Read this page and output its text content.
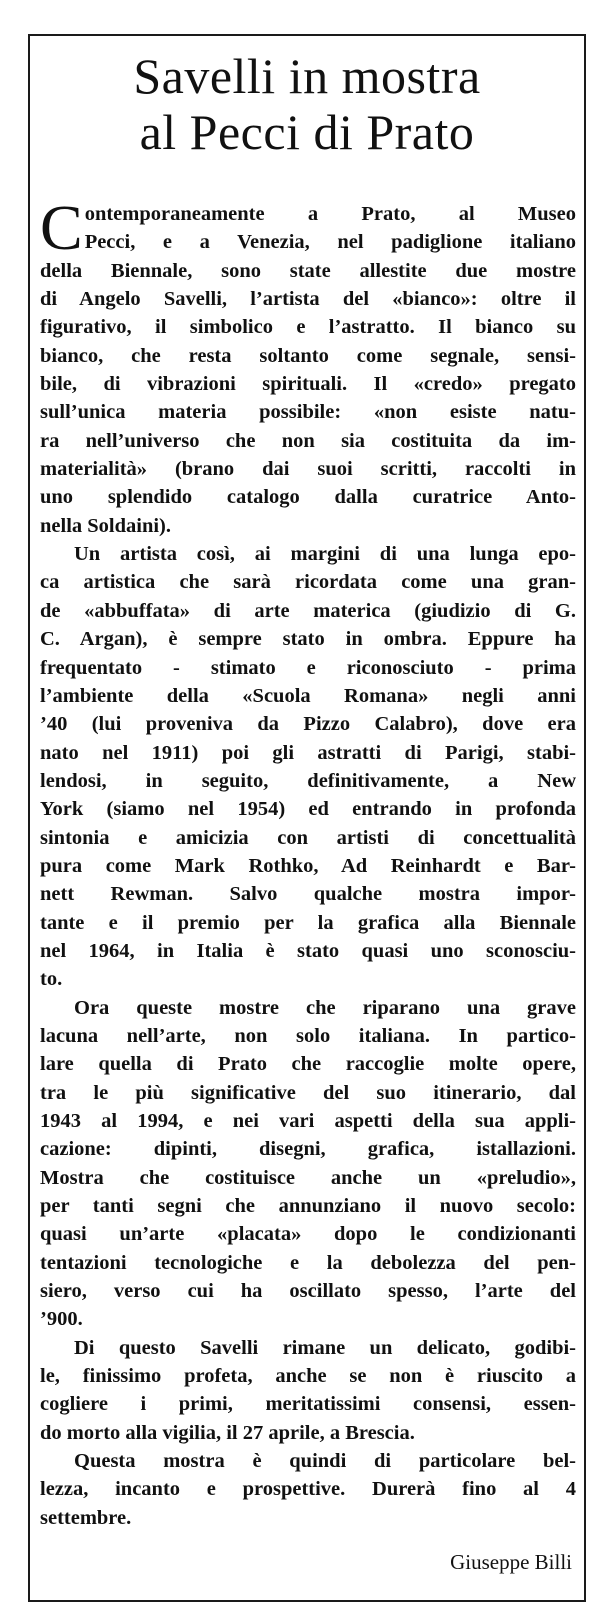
Savelli in mostra
al Pecci di Prato
C ontemporaneamente a Prato, al Museo
Pecci, e a Venezia, nel padiglione italiano
della Biennale, sono state allestite due mostre
di Angelo Savelli, l’artista del «bianco»: oltre il
figurativo, il simbolico e l’astratto. Il bianco su
bianco, che resta soltanto come segnale, sensi-
bile, di vibrazioni spirituali. Il «credo» pregato
sull’unica materia possibile: «non esiste natu-
ra nell’universo che non sia costituita da im-
materialità» (brano dai suoi scritti, raccolti in
uno splendido catalogo dalla curatrice Anto-
nella Soldaini).
Un artista così, ai margini di una lunga epo-
ca artistica che sarà ricordata come una gran-
de «abbuffata» di arte materica (giudizio di G.
C. Argan), è sempre stato in ombra. Eppure ha
frequentato - stimato e riconosciuto - prima
l’ambiente della «Scuola Romana» negli anni
’40 (lui proveniva da Pizzo Calabro), dove era
nato nel 1911) poi gli astratti di Parigi, stabi-
lendosi, in seguito, definitivamente, a New
York (siamo nel 1954) ed entrando in profonda
sintonia e amicizia con artisti di concettualità
pura come Mark Rothko, Ad Reinhardt e Bar-
nett Rewman. Salvo qualche mostra impor-
tante e il premio per la grafica alla Biennale
nel 1964, in Italia è stato quasi uno sconosciu-
to.
Ora queste mostre che riparano una grave
lacuna nell’arte, non solo italiana. In partico-
lare quella di Prato che raccoglie molte opere,
tra le più significative del suo itinerario, dal
1943 al 1994, e nei vari aspetti della sua appli-
cazione: dipinti, disegni, grafica, istallazioni.
Mostra che costituisce anche un «preludio»,
per tanti segni che annunziano il nuovo secolo:
quasi un’arte «placata» dopo le condizionanti
tentazioni tecnologiche e la debolezza del pen-
siero, verso cui ha oscillato spesso, l’arte del
’900.
Di questo Savelli rimane un delicato, godibi-
le, finissimo profeta, anche se non è riuscito a
cogliere i primi, meritatissimi consensi, essen-
do morto alla vigilia, il 27 aprile, a Brescia.
Questa mostra è quindi di particolare bel-
lezza, incanto e prospettive. Durerà fino al 4
settembre.

Giuseppe Billi
